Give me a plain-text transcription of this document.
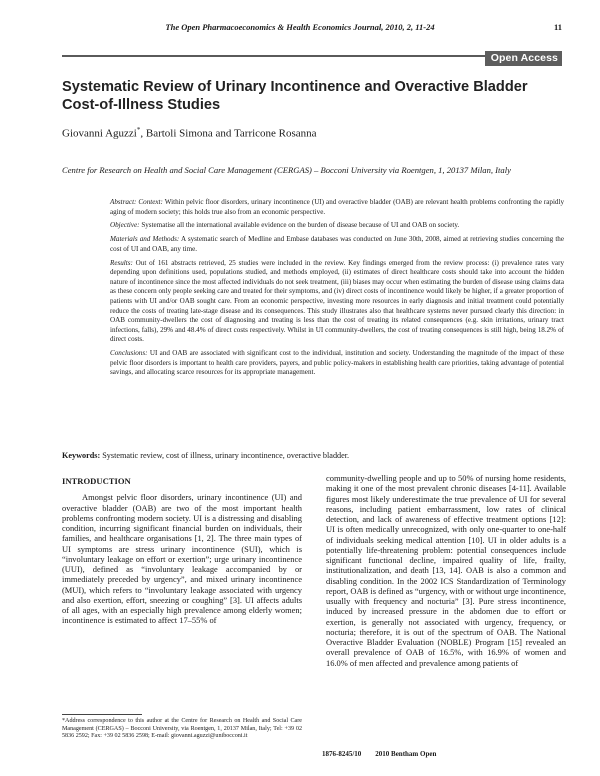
The Open Pharmacoeconomics & Health Economics Journal, 2010, 2, 11-24	11
Open Access
Systematic Review of Urinary Incontinence and Overactive Bladder Cost-of-Illness Studies
Giovanni Aguzzi*, Bartoli Simona and Tarricone Rosanna
Centre for Research on Health and Social Care Management (CERGAS) – Bocconi University via Roentgen, 1, 20137 Milan, Italy

Abstract: Context: Within pelvic floor disorders, urinary incontinence (UI) and overactive bladder (OAB) are relevant health problems confronting the rapidly aging of modern society; this holds true also from an economic perspective.

Objective: Systematise all the international available evidence on the burden of disease because of UI and OAB on society.

Materials and Methods: A systematic search of Medline and Embase databases was conducted on June 30th, 2008, aimed at retrieving studies concerning the cost of UI and OAB, any time.

Results: Out of 161 abstracts retrieved, 25 studies were included in the review. Key findings emerged from the review process: (i) prevalence rates vary depending upon definitions used, populations studied, and methods employed, (ii) estimates of direct healthcare costs should take into account the hidden nature of incontinence since the most affected individuals do not seek treatment, (iii) biases may occur when estimating the burden of disease using claims data as these concern only people seeking care and treated for their symptoms, and (iv) direct costs of incontinence would likely be higher, if a greater proportion of patients with UI and/or OAB sought care. From an economic perspective, investing more resources in early diagnosis and initial treatment could potentially reduce the costs of treating late-stage disease and its consequences. This study illustrates also that healthcare systems never pursued clearly this direction: in OAB community-dwellers the cost of diagnosing and treating is less than the cost of treating its related consequences (e.g. skin irritations, urinary tract infections, falls), 29% and 48.4% of direct costs respectively. Whilst in UI community-dwellers, the cost of treating consequences is still high, being 18.2% of direct costs.

Conclusions: UI and OAB are associated with significant cost to the individual, institution and society. Understanding the magnitude of the impact of these pelvic floor disorders is important to health care providers, payers, and public policy-makers in establishing health care priorities, taking advantage of potential savings, and allocating scarce resources for its appropriate management.

Keywords: Systematic review, cost of illness, urinary incontinence, overactive bladder.
INTRODUCTION

Amongst pelvic floor disorders, urinary incontinence (UI) and overactive bladder (OAB) are two of the most important health problems confronting modern society. UI is a distressing and disabling condition, incurring significant financial burden on individuals, their families, and healthcare organisations [1, 2]. The three main types of UI symptoms are stress urinary incontinence (SUI), which is “involuntary leakage on effort or exertion”; urge urinary incontinence (UUI), defined as “involuntary leakage accompanied by or immediately preceded by urgency”, and mixed urinary incontinence (MUI), which refers to “involuntary leakage associated with urgency and also exertion, effort, sneezing or coughing” [3]. UI affects adults of all ages, with an especially high prevalence among elderly women; incontinence is estimated to affect 17–55% of

community-dwelling people and up to 50% of nursing home residents, making it one of the most prevalent chronic diseases [4-11]. Available figures most likely underestimate the true prevalence of UI for several reasons, including patient embarrassment, low rates of clinical detection, and lack of awareness of effective treatment options [12]: UI is often medically unrecognized, with only one-quarter to one-half of individuals seeking medical attention [10]. UI in older adults is a potentially life-threatening problem: potential consequences include significant functional decline, impaired quality of life, frailty, institutionalization, and death [13, 14]. OAB is also a common and disabling condition. In the 2002 ICS Standardization of Terminology report, OAB is defined as “urgency, with or without urge incontinence, usually with frequency and nocturia” [3]. Pure stress incontinence, induced by increased pressure in the abdomen due to effort or exertion, is generally not associated with urgency, frequency, or nocturia; therefore, it is out of the spectrum of OAB. The National Overactive Bladder Evaluation (NOBLE) Program [15] revealed an overall prevalence of OAB of 16.5%, with 16.9% of women and 16.0% of men affected and prevalence among patients of

*Address correspondence to this author at the Centre for Research on Health and Social Care Management (CERGAS) – Bocconi University, via Roentgen, 1, 20137 Milan, Italy; Tel: +39 02 5836 2592; Fax: +39 02 5836 2598; E-mail: giovanni.aguzzi@unibocconi.it
1876-8245/10 2010 Bentham Open
